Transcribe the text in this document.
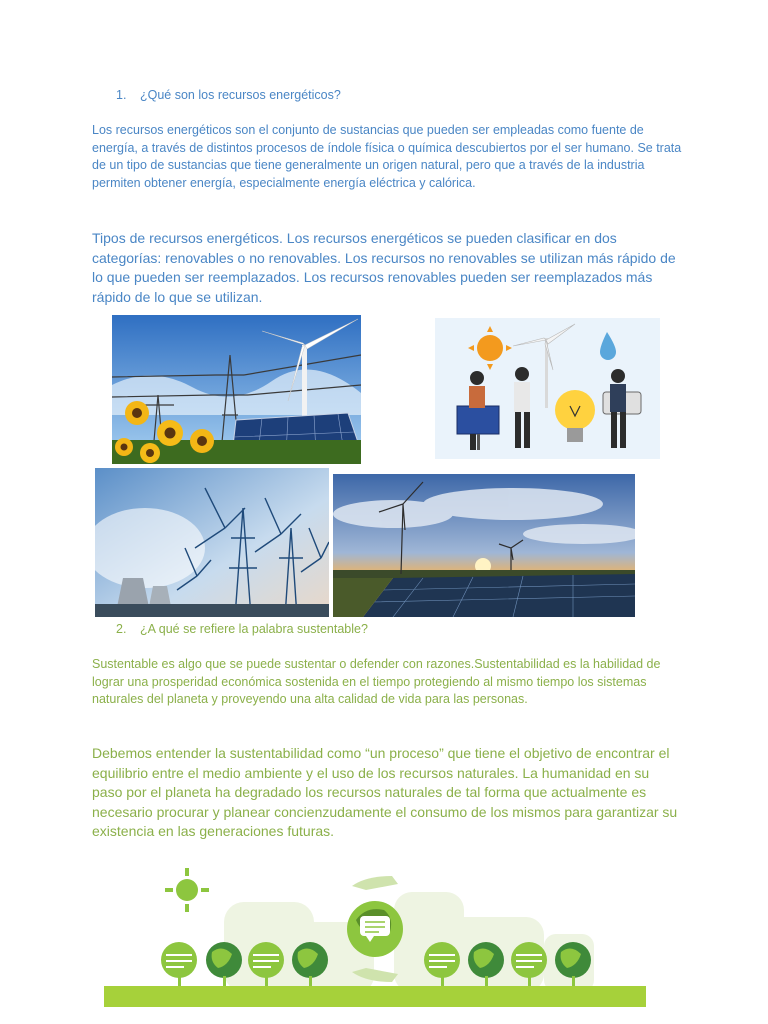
1. ¿Qué son los recursos energéticos?

Los recursos energéticos son el conjunto de sustancias que pueden ser empleadas como fuente de energía, a través de distintos procesos de índole física o química descubiertos por el ser humano. Se trata de un tipo de sustancias que tiene generalmente un origen natural, pero que a través de la industria permiten obtener energía, especialmente energía eléctrica y calórica.

Tipos de recursos energéticos. Los recursos energéticos se pueden clasificar en dos categorías: renovables o no renovables. Los recursos no renovables se utilizan más rápido de lo que pueden ser reemplazados. Los recursos renovables pueden ser reemplazados más rápido de lo que se utilizan.

2. ¿A qué se refiere la palabra sustentable?

Sustentable es algo que se puede sustentar o defender con razones.Sustentabilidad es la habilidad de lograr una prosperidad económica sostenida en el tiempo protegiendo al mismo tiempo los sistemas naturales del planeta y proveyendo una alta calidad de vida para las personas.

Debemos entender la sustentabilidad como “un proceso” que tiene el objetivo de encontrar el equilibrio entre el medio ambiente y el uso de los recursos naturales. La humanidad en su paso por el planeta ha degradado los recursos naturales de tal forma que actualmente es necesario procurar y planear concienzudamente el consumo de los mismos para garantizar su existencia en las generaciones futuras.
